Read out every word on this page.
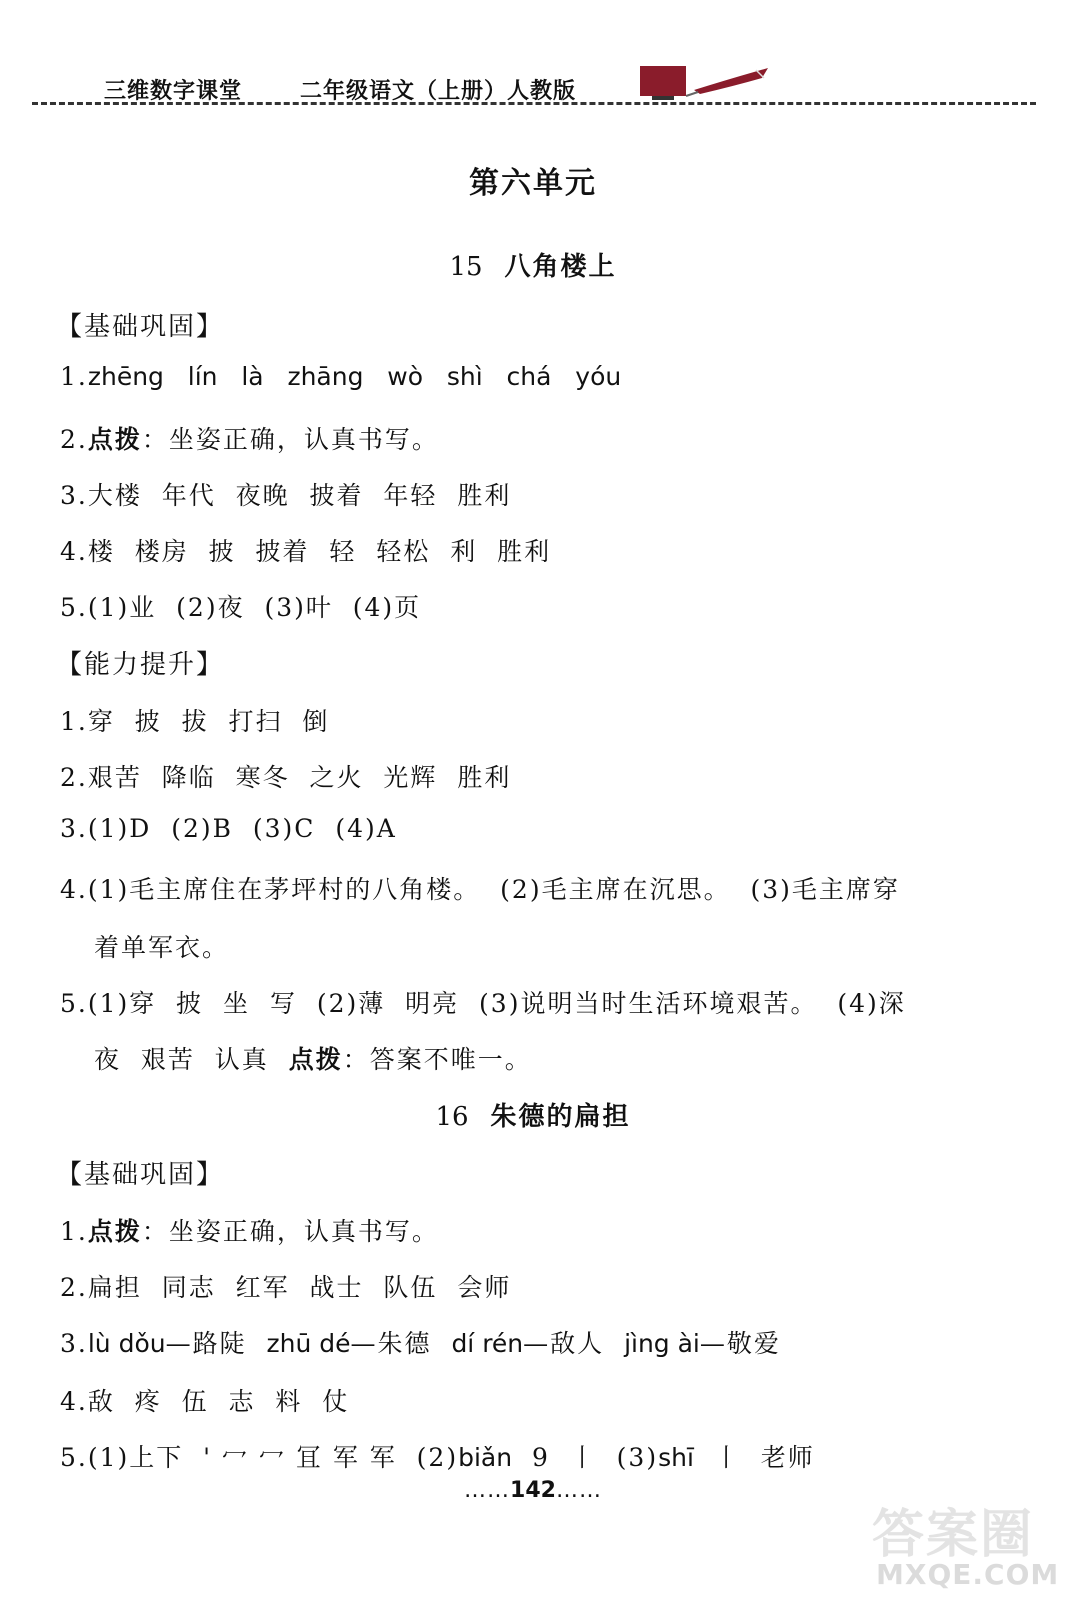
三维数字课堂	二年级语文（上册）人教版
第六单元
15 八角楼上
【基础巩固】
1.zhēng   lín   là   zhāng   wò   shì   chá   yóu
2.点拨：坐姿正确，认真书写。
3.大楼  年代  夜晚  披着  年轻  胜利
4.楼  楼房  披  披着  轻  轻松  利  胜利
5.(1)业  (2)夜  (3)叶  (4)页
【能力提升】
1.穿  披  拔  打扫  倒
2.艰苦  降临  寒冬  之火  光辉  胜利
3.(1)D  (2)B  (3)C  (4)A
4.(1)毛主席住在茅坪村的八角楼。  (2)毛主席在沉思。  (3)毛主席穿
着单军衣。
5.(1)穿  披  坐  写  (2)薄  明亮  (3)说明当时生活环境艰苦。  (4)深
夜  艰苦  认真  点拨：答案不唯一。
16 朱德的扁担
【基础巩固】
1.点拨：坐姿正确，认真书写。
2.扁担  同志  红军  战士  队伍  会师
3.lù dǒu—路陡  zhū dé—朱德  dí rén—敌人  jìng ài—敬爱
4.敌  疼  伍  志  料  仗
5.(1)上下  ' 冖 冖 冝 军 军  (2)biǎn  9  丨  (3)shī  丨  老师
……142……
答案圈
MXQE.COM
